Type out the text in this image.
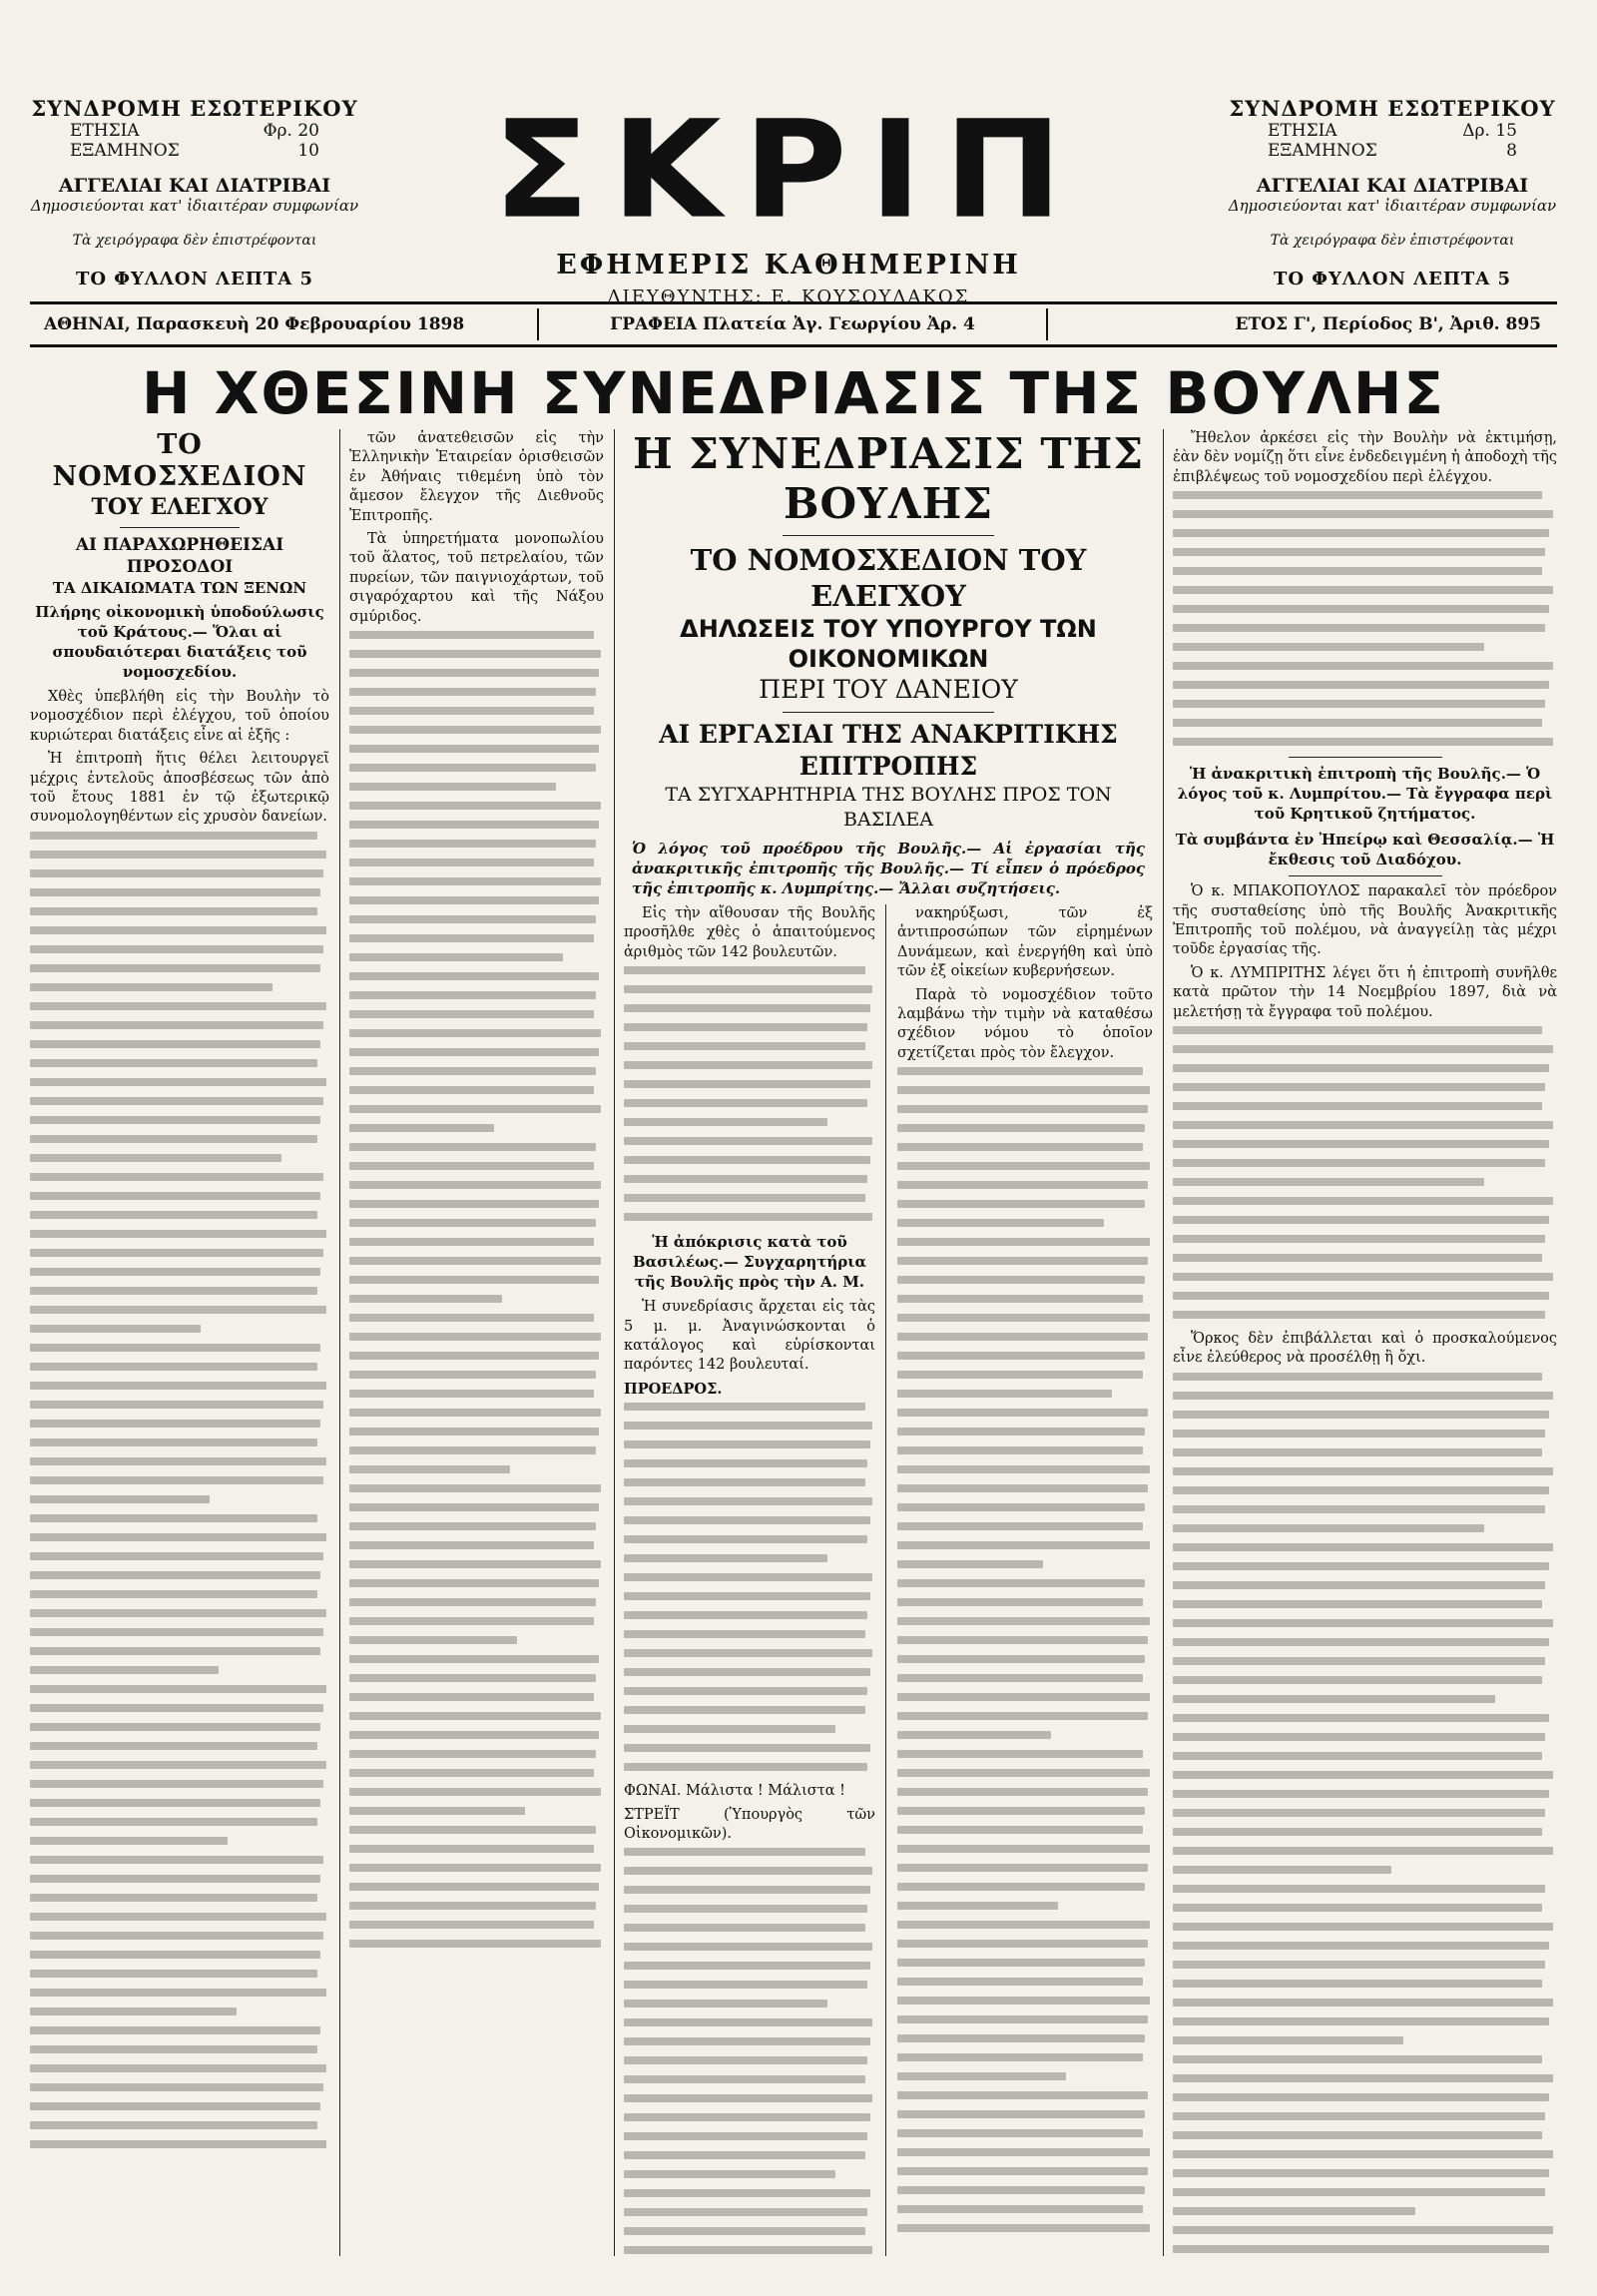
ΣΥΝΔΡΟΜΗ ΕΣΩΤΕΡΙΚΟΥ
ΕΤΗΣΙΑ	Φρ. 20
ΕΞΑΜΗΝΟΣ	10
ΑΓΓΕΛΙΑΙ ΚΑΙ ΔΙΑΤΡΙΒΑΙ
Δημοσιεύονται κατ' ἰδιαιτέραν συμφωνίαν
Τὰ χειρόγραφα δὲν ἐπιστρέφονται
ΤΟ ΦΥΛΛΟΝ ΛΕΠΤΑ 5
ΣΚΡΙΠ
ΕΦΗΜΕΡΙΣ ΚΑΘΗΜΕΡΙΝΗ
ΔΙΕΥΘΥΝΤΗΣ: Ε. ΚΟΥΣΟΥΛΑΚΟΣ
ΣΥΝΔΡΟΜΗ ΕΣΩΤΕΡΙΚΟΥ
ΕΤΗΣΙΑ	Δρ. 15
ΕΞΑΜΗΝΟΣ	8
ΑΓΓΕΛΙΑΙ ΚΑΙ ΔΙΑΤΡΙΒΑΙ
Δημοσιεύονται κατ' ἰδιαιτέραν συμφωνίαν
Τὰ χειρόγραφα δὲν ἐπιστρέφονται
ΤΟ ΦΥΛΛΟΝ ΛΕΠΤΑ 5
ΑΘΗΝΑΙ, Παρασκευὴ 20 Φεβρουαρίου 1898	ΓΡΑΦΕΙΑ Πλατεία Ἀγ. Γεωργίου Ἀρ. 4	ΕΤΟΣ Γ', Περίοδος Β', Ἀριθ. 895
Η ΧΘΕΣΙΝΗ ΣΥΝΕΔΡΙΑΣΙΣ ΤΗΣ ΒΟΥΛΗΣ
ΤΟ ΝΟΜΟΣΧΕΔΙΟΝ
ΤΟΥ ΕΛΕΓΧΟΥ
ΑΙ ΠΑΡΑΧΩΡΗΘΕΙΣΑΙ ΠΡΟΣΟΔΟΙ
ΤΑ ΔΙΚΑΙΩΜΑΤΑ ΤΩΝ ΞΕΝΩΝ
Πλήρης οἰκονομικὴ ὑποδούλωσις τοῦ Κράτους.— Ὅλαι αἱ σπουδαιότεραι διατάξεις τοῦ νομοσχεδίου.

Χθὲς ὑπεβλήθη εἰς τὴν Βουλὴν τὸ νομοσχέδιον περὶ ἐλέγχου, τοῦ ὁποίου κυριώτεραι διατάξεις εἶνε αἱ ἑξῆς :

Ἡ ἐπιτροπὴ ἥτις θέλει λειτουργεῖ μέχρις ἐντελοῦς ἀποσβέσεως τῶν ἀπὸ τοῦ ἔτους 1881 ἐν τῷ ἐξωτερικῷ συνομολογηθέντων εἰς χρυσὸν δανείων.

τῶν ἀνατεθεισῶν εἰς τὴν Ἑλληνικὴν Ἑταιρείαν ὁρισθεισῶν ἐν Ἀθήναις τιθεμένη ὑπὸ τὸν ἄμεσον ἔλεγχον τῆς Διεθνοῦς Ἐπιτροπῆς.

Τὰ ὑπηρετήματα μονοπωλίου τοῦ ἅλατος, τοῦ πετρελαίου, τῶν πυρείων, τῶν παιγνιοχάρτων, τοῦ σιγαρόχαρτου καὶ τῆς Νάξου σμύριδος.

Η ΣΥΝΕΔΡΙΑΣΙΣ ΤΗΣ ΒΟΥΛΗΣ
ΤΟ ΝΟΜΟΣΧΕΔΙΟΝ ΤΟΥ ΕΛΕΓΧΟΥ
ΔΗΛΩΣΕΙΣ ΤΟΥ ΥΠΟΥΡΓΟΥ ΤΩΝ ΟΙΚΟΝΟΜΙΚΩΝ
ΠΕΡΙ ΤΟΥ ΔΑΝΕΙΟΥ
ΑΙ ΕΡΓΑΣΙΑΙ ΤΗΣ ΑΝΑΚΡΙΤΙΚΗΣ ΕΠΙΤΡΟΠΗΣ
ΤΑ ΣΥΓΧΑΡΗΤΗΡΙΑ ΤΗΣ ΒΟΥΛΗΣ ΠΡΟΣ ΤΟΝ ΒΑΣΙΛΕΑ
Ὁ λόγος τοῦ προέδρου τῆς Βουλῆς.— Αἱ ἐργασίαι τῆς ἀνακριτικῆς ἐπιτροπῆς τῆς Βουλῆς.— Τί εἶπεν ὁ πρόεδρος τῆς ἐπιτροπῆς κ. Λυμπρίτης.— Ἄλλαι συζητήσεις.

Εἰς τὴν αἴθουσαν τῆς Βουλῆς προσῆλθε χθὲς ὁ ἀπαιτούμενος ἀριθμὸς τῶν 142 βουλευτῶν.

Ἡ ἀπόκρισις κατὰ τοῦ Βασιλέως.— Συγχαρητήρια τῆς Βουλῆς πρὸς τὴν Α. Μ.

Ἡ συνεδρίασις ἄρχεται εἰς τὰς 5 μ. μ. Ἀναγινώσκονται ὁ κατάλογος καὶ εὑρίσκονται παρόντες 142 βουλευταί.

ΠΡΟΕΔΡΟΣ.

ΦΩΝΑΙ. Μάλιστα ! Μάλιστα !

ΣΤΡΕΪΤ (Ὑπουργὸς τῶν Οἰκονομικῶν).

νακηρύξωσι, τῶν ἐξ ἀντιπροσώπων τῶν εἰρημένων Δυνάμεων, καὶ ἐνεργήθη καὶ ὑπὸ τῶν ἐξ οἰκείων κυβερνήσεων.

Παρὰ τὸ νομοσχέδιον τοῦτο λαμβάνω τὴν τιμὴν νὰ καταθέσω σχέδιον νόμου τὸ ὁποῖον σχετίζεται πρὸς τὸν ἔλεγχον.

Ἤθελον ἀρκέσει εἰς τὴν Βουλὴν νὰ ἐκτιμήσῃ, ἐὰν δὲν νομίζῃ ὅτι εἶνε ἐνδεδειγμένη ἡ ἀποδοχὴ τῆς ἐπιβλέψεως τοῦ νομοσχεδίου περὶ ἐλέγχου.

Ἡ ἀνακριτικὴ ἐπιτροπὴ τῆς Βουλῆς.— Ὁ λόγος τοῦ κ. Λυμπρίτου.— Τὰ ἔγγραφα περὶ τοῦ Κρητικοῦ ζητήματος.
Τὰ συμβάντα ἐν Ἠπείρῳ καὶ Θεσσαλίᾳ.— Ἡ ἔκθεσις τοῦ Διαδόχου.

Ὁ κ. ΜΠΑΚΟΠΟΥΛΟΣ παρακαλεῖ τὸν πρόεδρον τῆς συσταθείσης ὑπὸ τῆς Βουλῆς Ἀνακριτικῆς Ἐπιτροπῆς τοῦ πολέμου, νὰ ἀναγγείλῃ τὰς μέχρι τοῦδε ἐργασίας τῆς.

Ὁ κ. ΛΥΜΠΡΙΤΗΣ λέγει ὅτι ἡ ἐπιτροπὴ συνῆλθε κατὰ πρῶτον τὴν 14 Νοεμβρίου 1897, διὰ νὰ μελετήσῃ τὰ ἔγγραφα τοῦ πολέμου.

Ὅρκος δὲν ἐπιβάλλεται καὶ ὁ προσκαλούμενος εἶνε ἐλεύθερος νὰ προσέλθῃ ἢ ὄχι.
